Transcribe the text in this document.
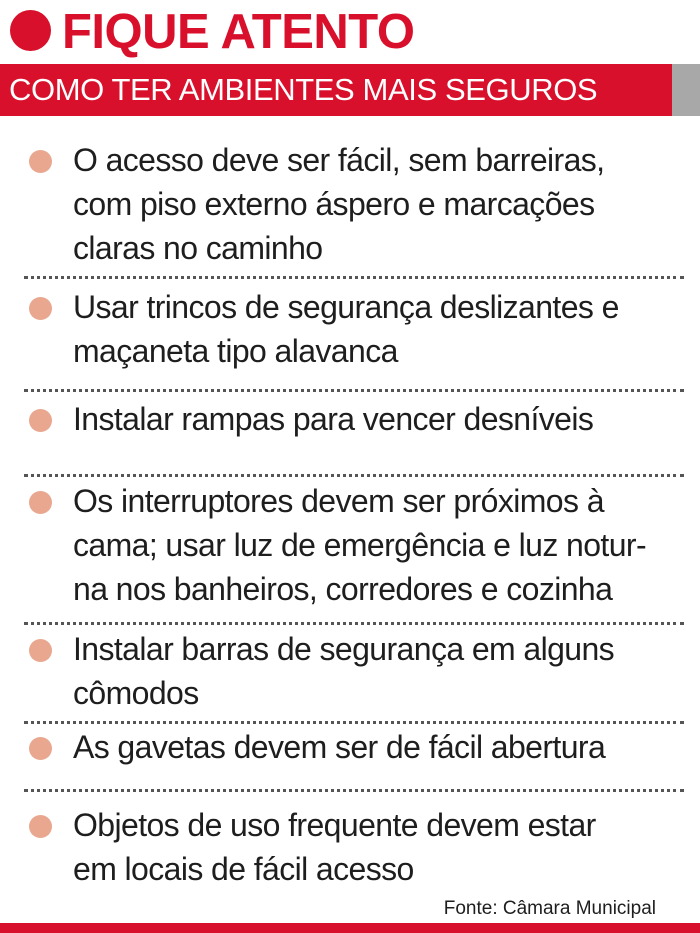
FIQUE ATENTO
COMO TER AMBIENTES MAIS SEGUROS
O acesso deve ser fácil, sem barreiras,
com piso externo áspero e marcações
claras no caminho
Usar trincos de segurança deslizantes e
maçaneta tipo alavanca
Instalar rampas para vencer desníveis
Os interruptores devem ser próximos à
cama; usar luz de emergência e luz notur-
na nos banheiros, corredores e cozinha
Instalar barras de segurança em alguns
cômodos
As gavetas devem ser de fácil abertura
Objetos de uso frequente devem estar
em locais de fácil acesso
Fonte: Câmara Municipal
